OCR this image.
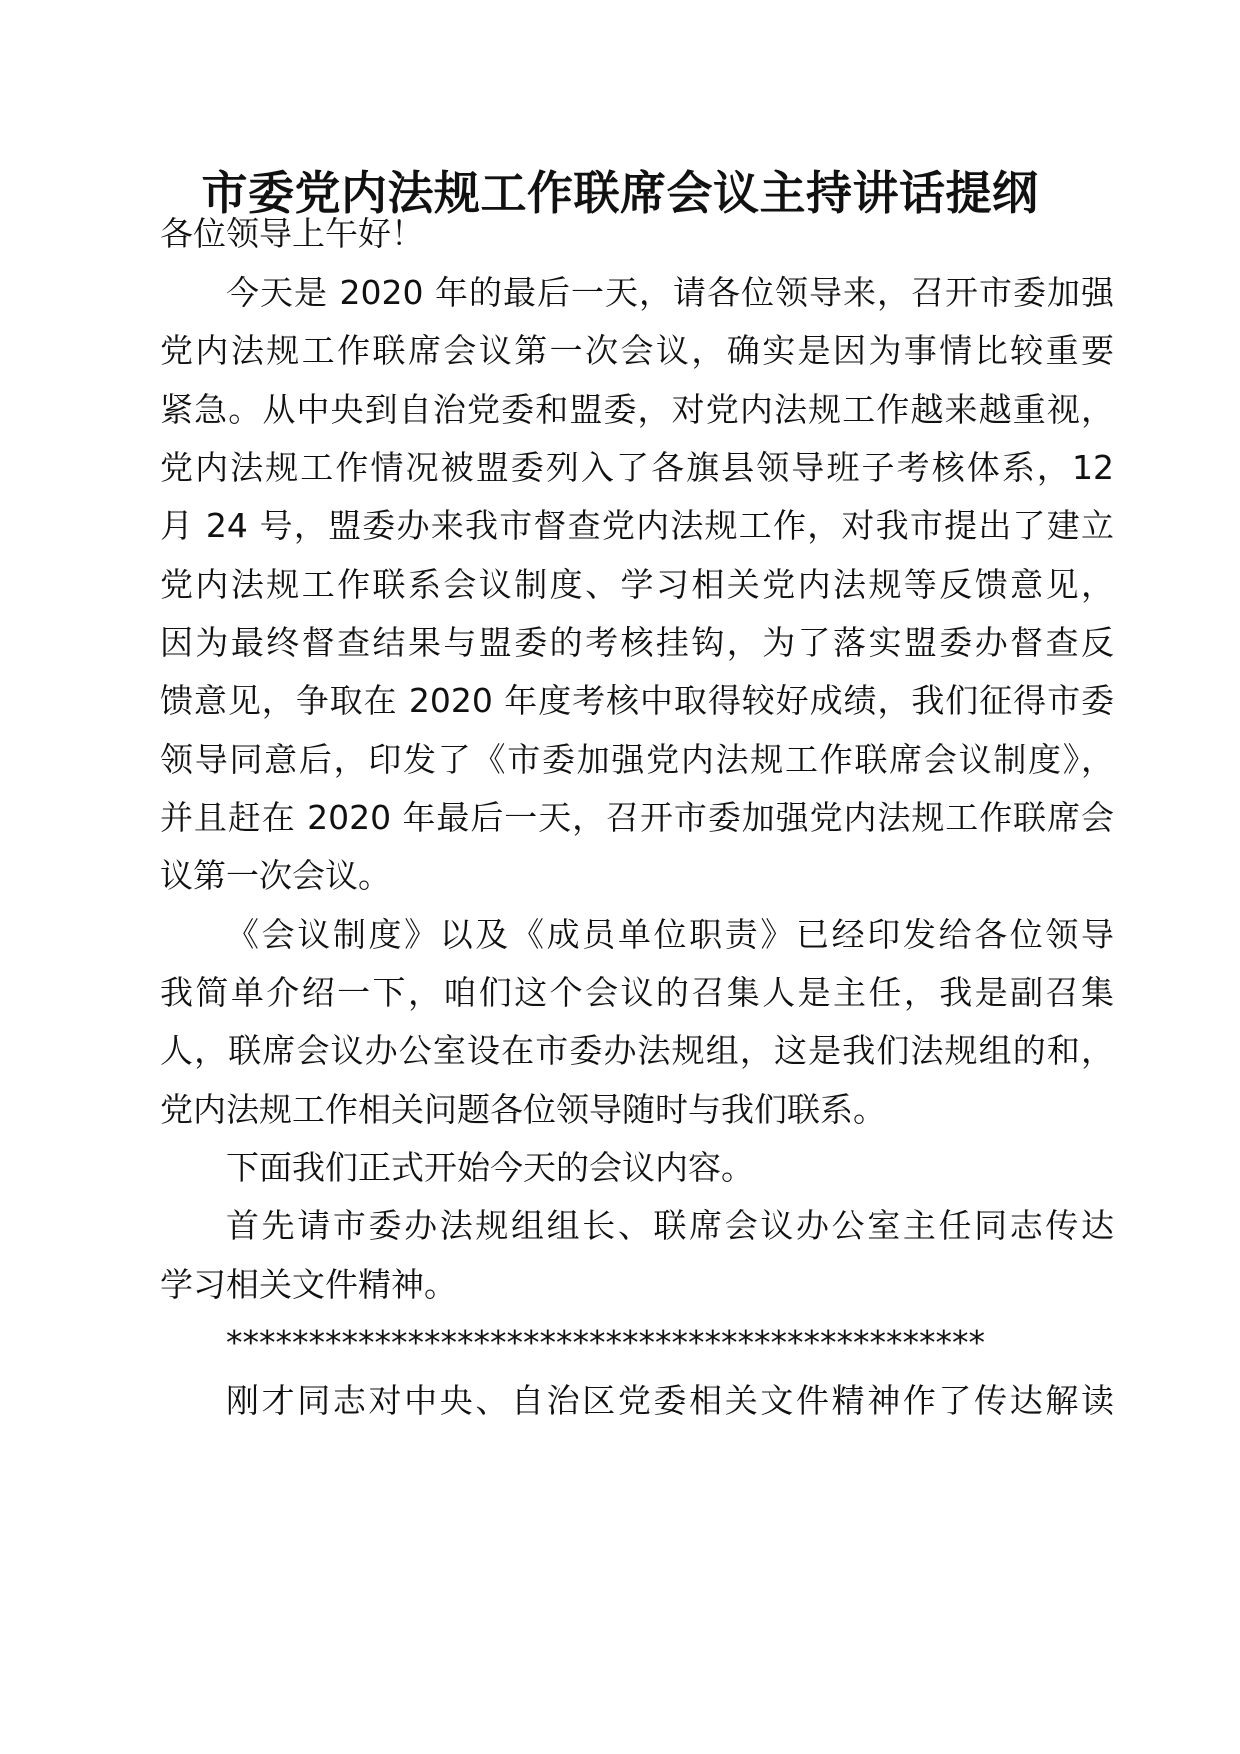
市委党内法规工作联席会议主持讲话提纲
各位领导上午好！
今天是 2020 年的最后一天，请各位领导来，召开市委加强
党内法规工作联席会议第一次会议，确实是因为事情比较重要
紧急。从中央到自治党委和盟委，对党内法规工作越来越重视，
党内法规工作情况被盟委列入了各旗县领导班子考核体系，12
月 24 号，盟委办来我市督查党内法规工作，对我市提出了建立
党内法规工作联系会议制度、学习相关党内法规等反馈意见，
因为最终督查结果与盟委的考核挂钩，为了落实盟委办督查反
馈意见，争取在 2020 年度考核中取得较好成绩，我们征得市委
领导同意后，印发了《市委加强党内法规工作联席会议制度》，
并且赶在 2020 年最后一天，召开市委加强党内法规工作联席会
议第一次会议。
《会议制度》以及《成员单位职责》已经印发给各位领导
我简单介绍一下，咱们这个会议的召集人是主任，我是副召集
人，联席会议办公室设在市委办法规组，这是我们法规组的和，
党内法规工作相关问题各位领导随时与我们联系。
下面我们正式开始今天的会议内容。
首先请市委办法规组组长、联席会议办公室主任同志传达
学习相关文件精神。
**********************************************
刚才同志对中央、自治区党委相关文件精神作了传达解读
